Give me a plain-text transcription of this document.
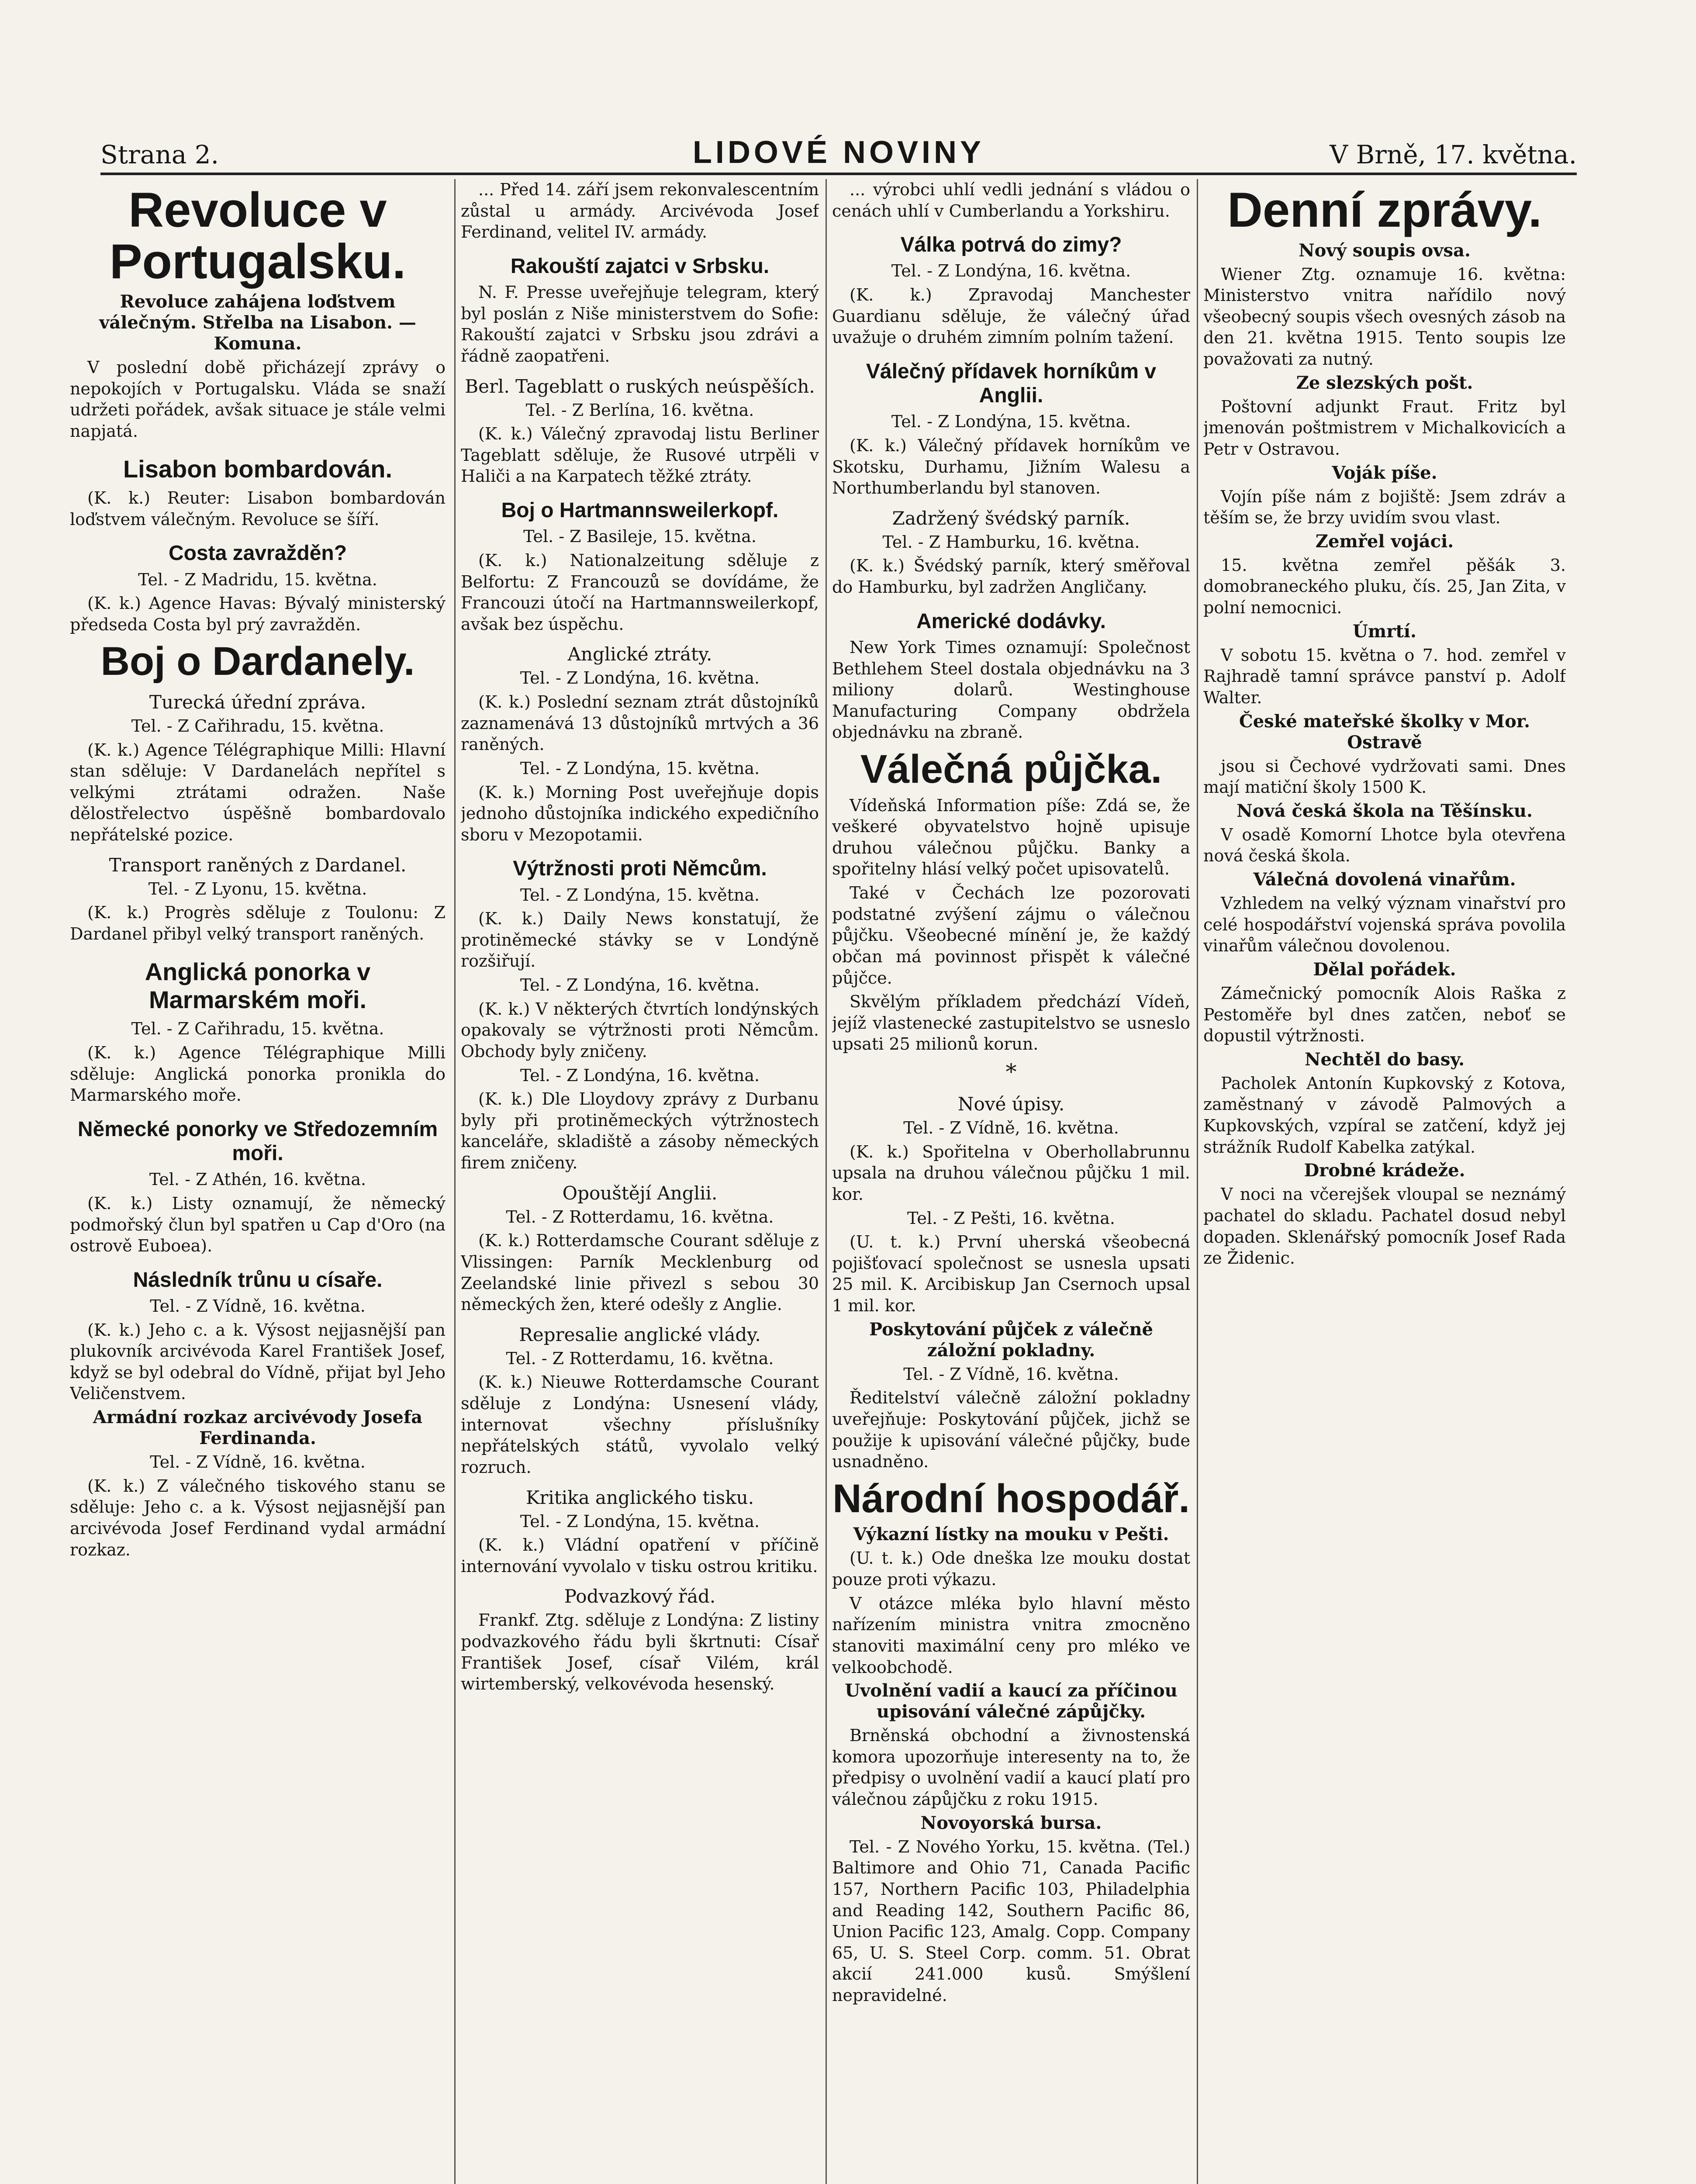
Strana 2.	LIDOVÉ NOVINY	V Brně, 17. května.
Revoluce v Portugalsku.
Revoluce zahájena loďstvem válečným. Střelba na Lisabon. — Komuna.

V poslední době přicházejí zprávy o nepokojích v Portugalsku. Vláda se snaží udržeti pořádek, avšak situace je stále velmi napjatá.

Lisabon bombardován.

(K. k.) Reuter: Lisabon bombardován loďstvem válečným. Revoluce se šíří.

Costa zavražděn?

Tel. - Z Madridu, 15. května.

(K. k.) Agence Havas: Bývalý ministerský předseda Costa byl prý zavražděn.

Boj o Dardanely.
Turecká úřední zpráva.

Tel. - Z Cařihradu, 15. května.

(K. k.) Agence Télégraphique Milli: Hlavní stan sděluje: V Dardanelách nepřítel s velkými ztrátami odražen. Naše dělostřelectvo úspěšně bombardovalo nepřátelské pozice.

Transport raněných z Dardanel.

Tel. - Z Lyonu, 15. května.

(K. k.) Progrès sděluje z Toulonu: Z Dardanel přibyl velký transport raněných.

Anglická ponorka v Marmarském moři.

Tel. - Z Cařihradu, 15. května.

(K. k.) Agence Télégraphique Milli sděluje: Anglická ponorka pronikla do Marmarského moře.

Německé ponorky ve Středozemním moři.

Tel. - Z Athén, 16. května.

(K. k.) Listy oznamují, že německý podmořský člun byl spatřen u Cap d'Oro (na ostrově Euboea).

Následník trůnu u císaře.

Tel. - Z Vídně, 16. května.

(K. k.) Jeho c. a k. Výsost nejjasnější pan plukovník arcivévoda Karel František Josef, když se byl odebral do Vídně, přijat byl Jeho Veličenstvem.

Armádní rozkaz arcivévody Josefa Ferdinanda.

Tel. - Z Vídně, 16. května.

(K. k.) Z válečného tiskového stanu se sděluje: Jeho c. a k. Výsost nejjasnější pan arcivévoda Josef Ferdinand vydal armádní rozkaz.

... Před 14. září jsem rekonvalescentním zůstal u armády. Arcivévoda Josef Ferdinand, velitel IV. armády.

Rakouští zajatci v Srbsku.

N. F. Presse uveřejňuje telegram, který byl poslán z Niše ministerstvem do Sofie: Rakouští zajatci v Srbsku jsou zdrávi a řádně zaopatřeni.

Berl. Tageblatt o ruských neúspěších.

Tel. - Z Berlína, 16. května.

(K. k.) Válečný zpravodaj listu Berliner Tageblatt sděluje, že Rusové utrpěli v Haliči a na Karpatech těžké ztráty.

Boj o Hartmannsweilerkopf.

Tel. - Z Basileje, 15. května.

(K. k.) Nationalzeitung sděluje z Belfortu: Z Francouzů se dovídáme, že Francouzi útočí na Hartmannsweilerkopf, avšak bez úspěchu.

Anglické ztráty.

Tel. - Z Londýna, 16. května.

(K. k.) Poslední seznam ztrát důstojníků zaznamenává 13 důstojníků mrtvých a 36 raněných.

Tel. - Z Londýna, 15. května.

(K. k.) Morning Post uveřejňuje dopis jednoho důstojníka indického expedičního sboru v Mezopotamii.

Výtržnosti proti Němcům.

Tel. - Z Londýna, 15. května.

(K. k.) Daily News konstatují, že protiněmecké stávky se v Londýně rozšiřují.

Tel. - Z Londýna, 16. května.

(K. k.) V některých čtvrtích londýnských opakovaly se výtržnosti proti Němcům. Obchody byly zničeny.

Tel. - Z Londýna, 16. května.

(K. k.) Dle Lloydovy zprávy z Durbanu byly při protiněmeckých výtržnostech kanceláře, skladiště a zásoby německých firem zničeny.

Opouštějí Anglii.

Tel. - Z Rotterdamu, 16. května.

(K. k.) Rotterdamsche Courant sděluje z Vlissingen: Parník Mecklenburg od Zeelandské linie přivezl s sebou 30 německých žen, které odešly z Anglie.

Represalie anglické vlády.

Tel. - Z Rotterdamu, 16. května.

(K. k.) Nieuwe Rotterdamsche Courant sděluje z Londýna: Usnesení vlády, internovat všechny příslušníky nepřátelských států, vyvolalo velký rozruch.

Kritika anglického tisku.

Tel. - Z Londýna, 15. května.

(K. k.) Vládní opatření v příčině internování vyvolalo v tisku ostrou kritiku.

Podvazkový řád.

Frankf. Ztg. sděluje z Londýna: Z listiny podvazkového řádu byli škrtnuti: Císař František Josef, císař Vilém, král wirtemberský, velkovévoda hesenský.

... výrobci uhlí vedli jednání s vládou o cenách uhlí v Cumberlandu a Yorkshiru.

Válka potrvá do zimy?

Tel. - Z Londýna, 16. května.

(K. k.) Zpravodaj Manchester Guardianu sděluje, že válečný úřad uvažuje o druhém zimním polním tažení.

Válečný přídavek horníkům v Anglii.

Tel. - Z Londýna, 15. května.

(K. k.) Válečný přídavek horníkům ve Skotsku, Durhamu, Jižním Walesu a Northumberlandu byl stanoven.

Zadržený švédský parník.

Tel. - Z Hamburku, 16. května.

(K. k.) Švédský parník, který směřoval do Hamburku, byl zadržen Angličany.

Americké dodávky.

New York Times oznamují: Společnost Bethlehem Steel dostala objednávku na 3 miliony dolarů. Westinghouse Manufacturing Company obdržela objednávku na zbraně.

Válečná půjčka.

Vídeňská Information píše: Zdá se, že veškeré obyvatelstvo hojně upisuje druhou válečnou půjčku. Banky a spořitelny hlásí velký počet upisovatelů.

Také v Čechách lze pozorovati podstatné zvýšení zájmu o válečnou půjčku. Všeobecné mínění je, že každý občan má povinnost přispět k válečné půjčce.

Skvělým příkladem předchází Vídeň, jejíž vlastenecké zastupitelstvo se usneslo upsati 25 milionů korun.

*
Nové úpisy.

Tel. - Z Vídně, 16. května.

(K. k.) Spořitelna v Oberhollabrunnu upsala na druhou válečnou půjčku 1 mil. kor.

Tel. - Z Pešti, 16. května.

(U. t. k.) První uherská všeobecná pojišťovací společnost se usnesla upsati 25 mil. K. Arcibiskup Jan Csernoch upsal 1 mil. kor.

Poskytování půjček z válečně záložní pokladny.

Tel. - Z Vídně, 16. května.

Ředitelství válečně záložní pokladny uveřejňuje: Poskytování půjček, jichž se použije k upisování válečné půjčky, bude usnadněno.

Národní hospodář.
Výkazní lístky na mouku v Pešti.

(U. t. k.) Ode dneška lze mouku dostat pouze proti výkazu.

V otázce mléka bylo hlavní město nařízením ministra vnitra zmocněno stanoviti maximální ceny pro mléko ve velkoobchodě.

Uvolnění vadií a kaucí za příčinou upisování válečné zápůjčky.

Brněnská obchodní a živnostenská komora upozorňuje interesenty na to, že předpisy o uvolnění vadií a kaucí platí pro válečnou zápůjčku z roku 1915.

Novoyorská bursa.

Tel. - Z Nového Yorku, 15. května. (Tel.) Baltimore and Ohio 71, Canada Pacific 157, Northern Pacific 103, Philadelphia and Reading 142, Southern Pacific 86, Union Pacific 123, Amalg. Copp. Company 65, U. S. Steel Corp. comm. 51. Obrat akcií 241.000 kusů. Smýšlení nepravidelné.

Denní zprávy.
Nový soupis ovsa.

Wiener Ztg. oznamuje 16. května: Ministerstvo vnitra nařídilo nový všeobecný soupis všech ovesných zásob na den 21. května 1915. Tento soupis lze považovati za nutný.

Ze slezských pošt.

Poštovní adjunkt Fraut. Fritz byl jmenován poštmistrem v Michalkovicích a Petr v Ostravou.

Voják píše.

Vojín píše nám z bojiště: Jsem zdráv a těším se, že brzy uvidím svou vlast.

Zemřel vojáci.

15. května zemřel pěšák 3. domobraneckého pluku, čís. 25, Jan Zita, v polní nemocnici.

Úmrtí.

V sobotu 15. května o 7. hod. zemřel v Rajhradě tamní správce panství p. Adolf Walter.

České mateřské školky v Mor. Ostravě

jsou si Čechové vydržovati sami. Dnes mají matiční školy 1500 K.

Nová česká škola na Těšínsku.

V osadě Komorní Lhotce byla otevřena nová česká škola.

Válečná dovolená vinařům.

Vzhledem na velký význam vinařství pro celé hospodářství vojenská správa povolila vinařům válečnou dovolenou.

Dělal pořádek.

Zámečnický pomocník Alois Raška z Pestoměře byl dnes zatčen, neboť se dopustil výtržnosti.

Nechtěl do basy.

Pacholek Antonín Kupkovský z Kotova, zaměstnaný v závodě Palmových a Kupkovských, vzpíral se zatčení, když jej strážník Rudolf Kabelka zatýkal.

Drobné krádeže.

V noci na včerejšek vloupal se neznámý pachatel do skladu. Pachatel dosud nebyl dopaden. Sklenářský pomocník Josef Rada ze Židenic.
